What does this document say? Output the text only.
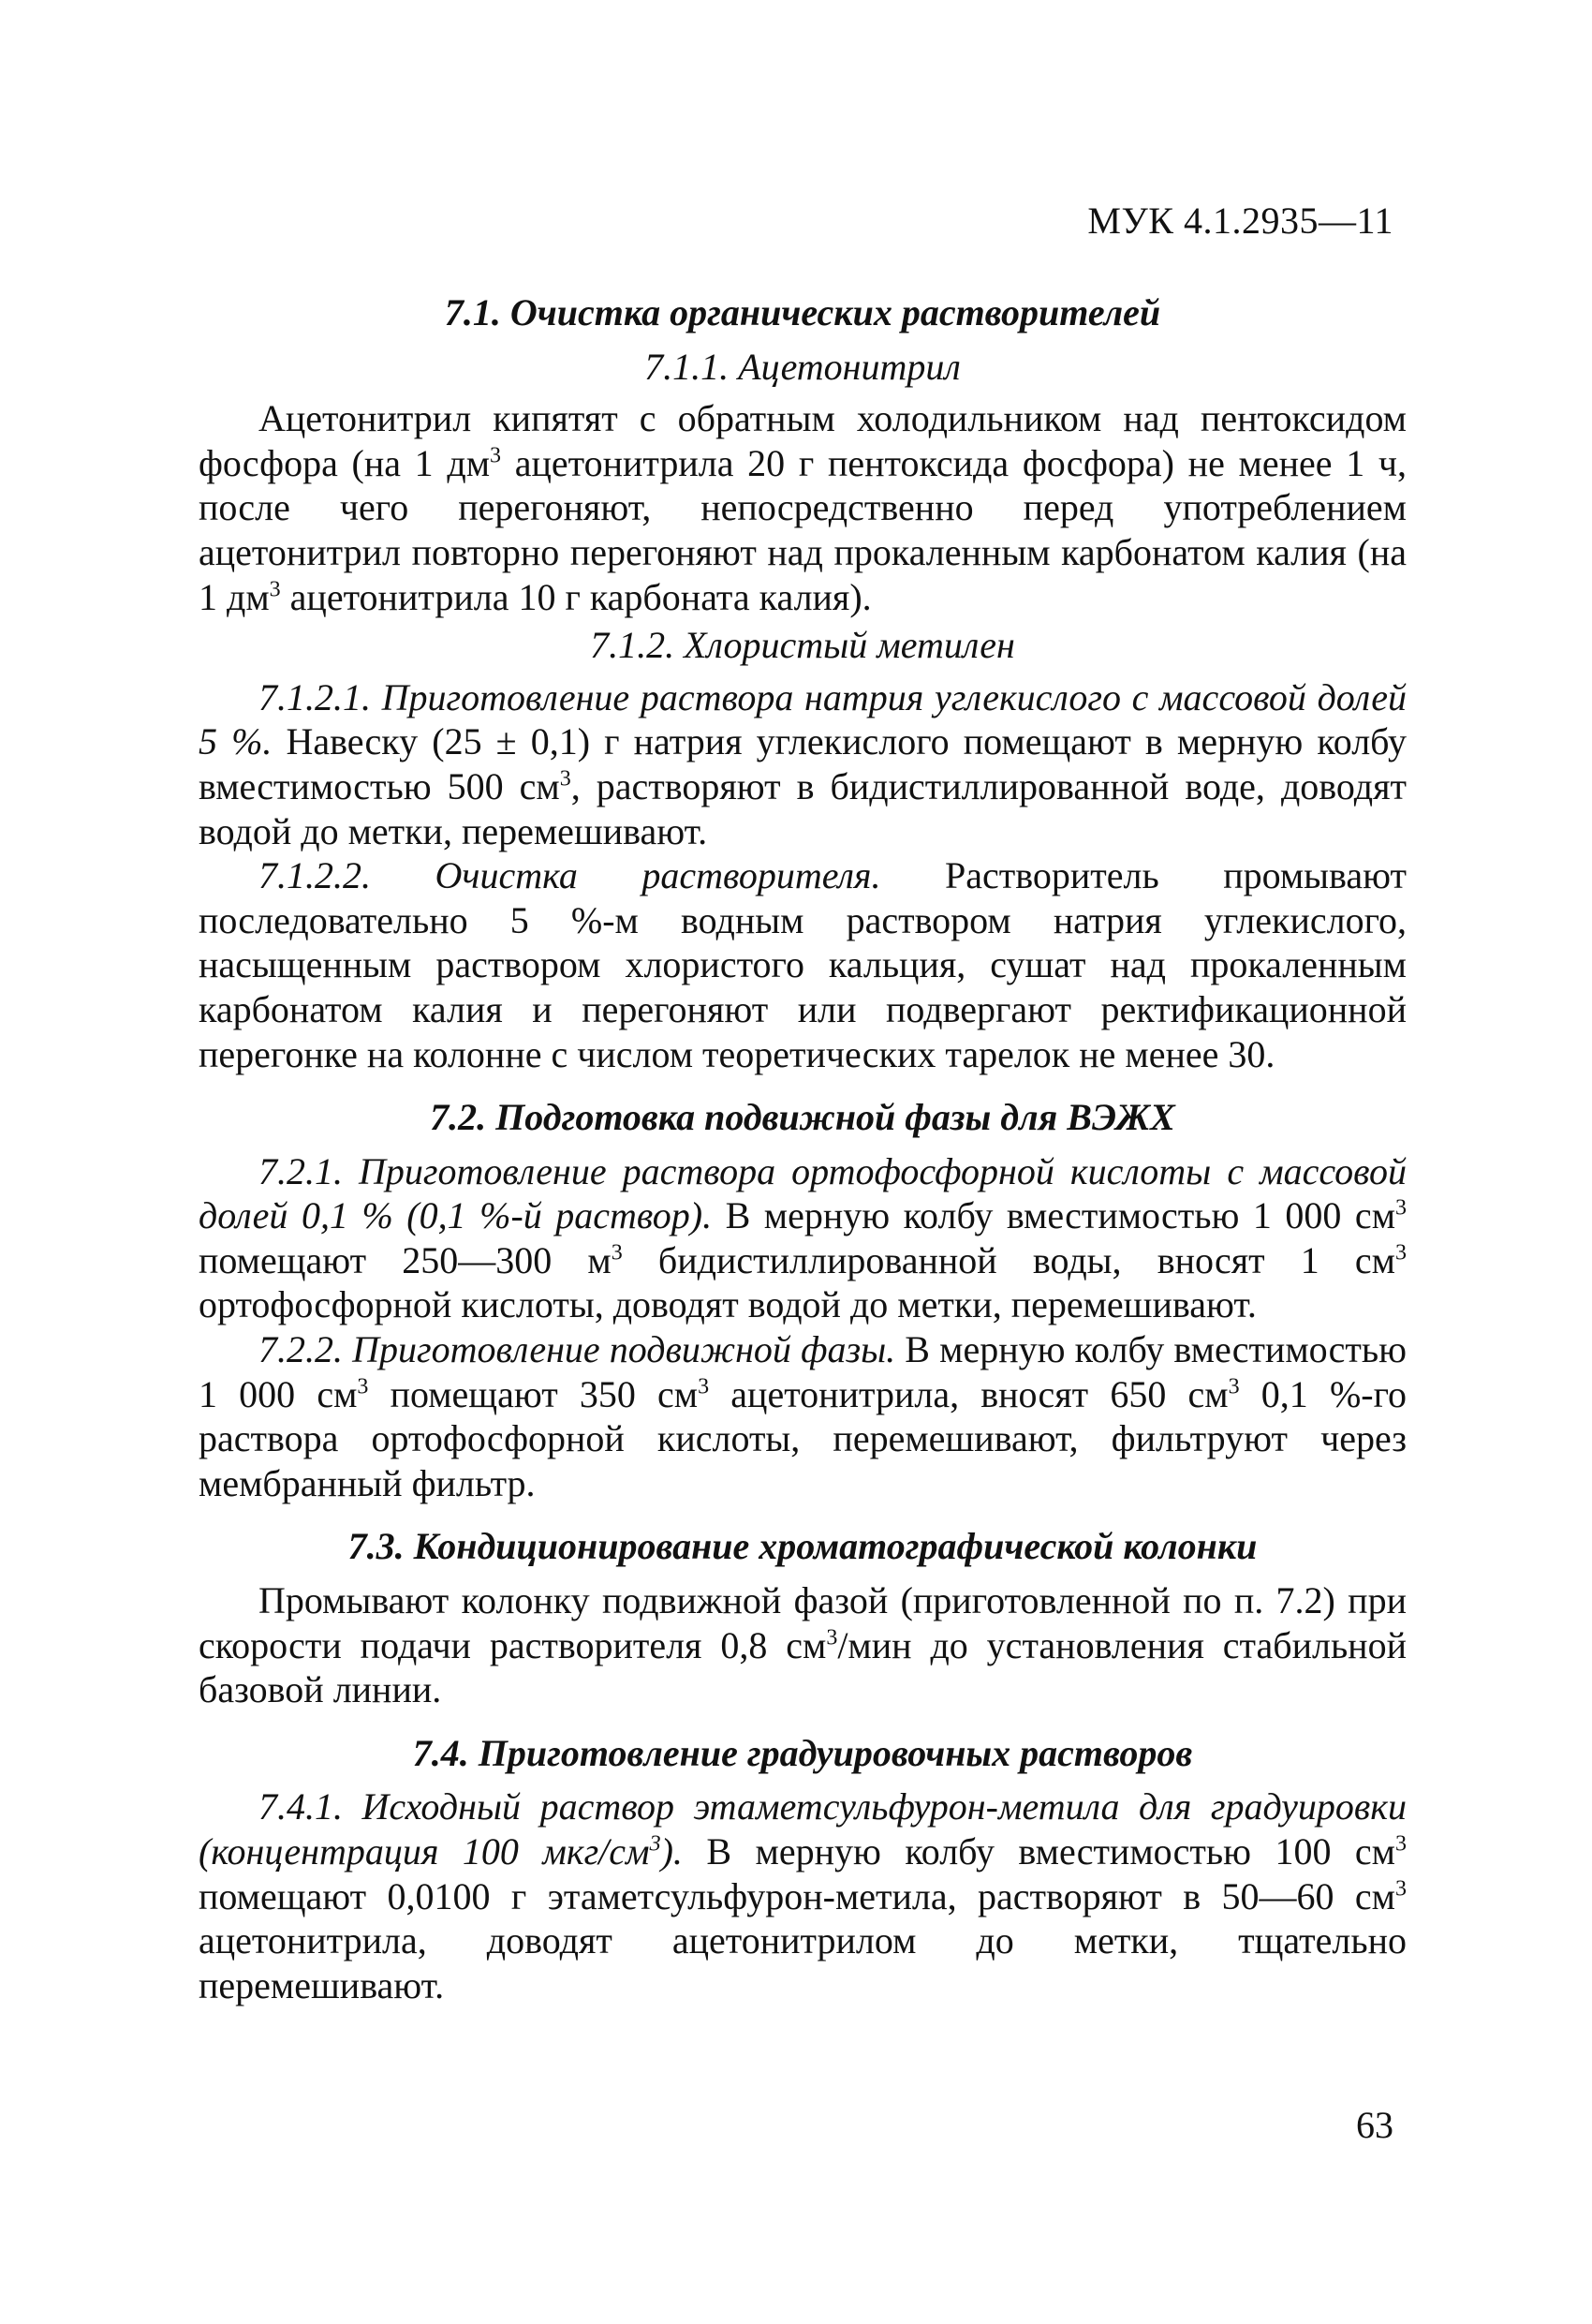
МУК 4.1.2935—11

7.1. Очистка органических растворителей

7.1.1. Ацетонитрил

Ацетонитрил кипятят с обратным холодильником над пентоксидом фосфора (на 1 $дм^3$ ацетонитрила 20 г пентоксида фосфора) не менее 1 ч, после чего перегоняют, непосредственно перед употреблением ацетонитрил повторно перегоняют над прокаленным карбонатом калия (на 1 $дм^3$ ацетонитрила 10 г карбоната калия).

7.1.2. Хлористый метилен

7.1.2.1. Приготовление раствора натрия углекислого с массовой долей 5 %. Навеску (25 ± 0,1) г натрия углекислого помещают в мерную колбу вместимостью 500 $см^3$, растворяют в бидистиллированной воде, доводят водой до метки, перемешивают.

7.1.2.2. Очистка растворителя. Растворитель промывают последовательно 5 %-м водным раствором натрия углекислого, насыщенным раствором хлористого кальция, сушат над прокаленным карбонатом калия и перегоняют или подвергают ректификационной перегонке на колонне с числом теоретических тарелок не менее 30.

7.2. Подготовка подвижной фазы для ВЭЖХ

7.2.1. Приготовление раствора ортофосфорной кислоты с массовой долей 0,1 % (0,1 %-й раствор). В мерную колбу вместимостью 1 000 $см^3$ помещают 250—300 $м^3$ бидистиллированной воды, вносят 1 $см^3$ ортофосфорной кислоты, доводят водой до метки, перемешивают.

7.2.2. Приготовление подвижной фазы. В мерную колбу вместимостью 1 000 $см^3$ помещают 350 $см^3$ ацетонитрила, вносят 650 $см^3$ 0,1 %-го раствора ортофосфорной кислоты, перемешивают, фильтруют через мембранный фильтр.

7.3. Кондиционирование хроматографической колонки

Промывают колонку подвижной фазой (приготовленной по п. 7.2) при скорости подачи растворителя 0,8 $см^3$/мин до установления стабильной базовой линии.

7.4. Приготовление градуировочных растворов

7.4.1. Исходный раствор этаметсульфурон-метила для градуировки (концентрация 100 мкг/$см^3$). В мерную колбу вместимостью 100 $см^3$ помещают 0,0100 г этаметсульфурон-метила, растворяют в 50—60 $см^3$ ацетонитрила, доводят ацетонитрилом до метки, тщательно перемешивают.

63
